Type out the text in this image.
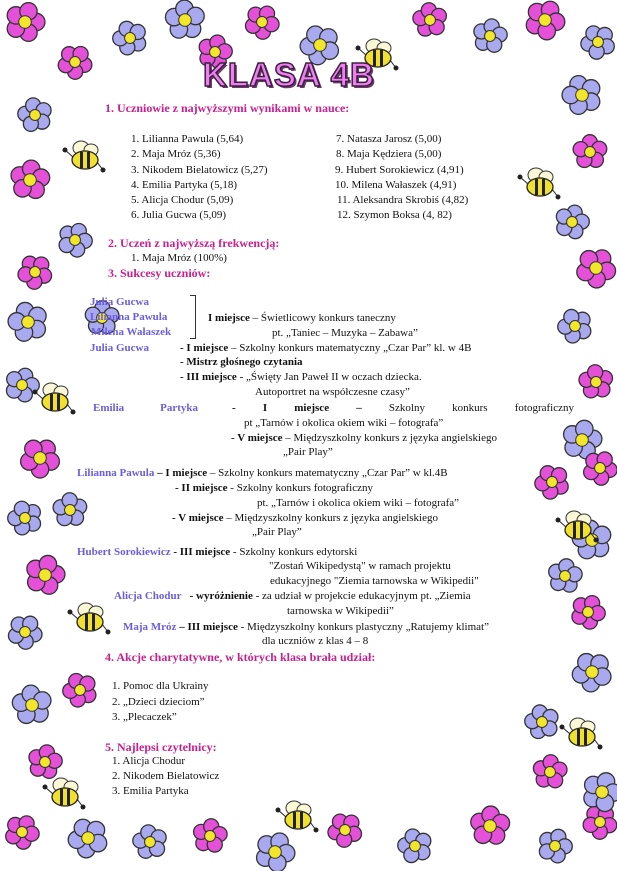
KLASA 4B
1. Uczniowie z najwyższymi wynikami w nauce:
1. Lilianna Pawula (5,64)
2. Maja Mróz (5,36)
3. Nikodem Bielatowicz (5,27)
4. Emilia Partyka (5,18)
5. Alicja Chodur (5,09)
6. Julia Gucwa (5,09)
7. Natasza Jarosz (5,00)
8. Maja Kędziera (5,00)
9. Hubert Sorokiewicz (4,91)
10. Milena Wałaszek (4,91)
11. Aleksandra Skrobiś (4,82)
12. Szymon Boksa (4, 82)
2. Uczeń z najwyższą frekwencją:
1. Maja Mróz (100%)
3. Sukcesy uczniów:
Julia Gucwa
Lilianna Pawula
Milena Wałaszek
I miejsce – Świetlicowy konkurs taneczny
pt. „Taniec – Muzyka – Zabawa”
Julia Gucwa	- I miejsce – Szkolny konkurs matematyczny „Czar Par” kl. w 4B
- Mistrz głośnego czytania
- III miejsce - „Święty Jan Paweł II w oczach dziecka.
Autoportret na współczesne czasy”
Emilia	Partyka	- I miejsce – Szkolny konkurs fotograficzny
pt „Tarnów i okolica okiem wiki – fotografa”
- V miejsce – Międzyszkolny konkurs z języka angielskiego
„Pair Play”
Lilianna Pawula – I miejsce – Szkolny konkurs matematyczny „Czar Par” w kl.4B
- II miejsce - Szkolny konkurs fotograficzny
pt. „Tarnów i okolica okiem wiki – fotografa”
- V miejsce – Międzyszkolny konkurs z języka angielskiego
„Pair Play”
Hubert Sorokiewicz - III miejsce - Szkolny konkurs edytorski
"Zostań Wikipedystą" w ramach projektu
edukacyjnego "Ziemia tarnowska w Wikipedii"
Alicja Chodur   - wyróżnienie - za udział w projekcie edukacyjnym pt. „Ziemia
tarnowska w Wikipedii”
Maja Mróz – III miejsce - Międzyszkolny konkurs plastyczny „Ratujemy klimat”
dla uczniów z klas 4 – 8
4. Akcje charytatywne, w których klasa brała udział:
1. Pomoc dla Ukrainy
2. „Dzieci dzieciom”
3. „Plecaczek”
5. Najlepsi czytelnicy:
1. Alicja Chodur
2. Nikodem Bielatowicz
3. Emilia Partyka
